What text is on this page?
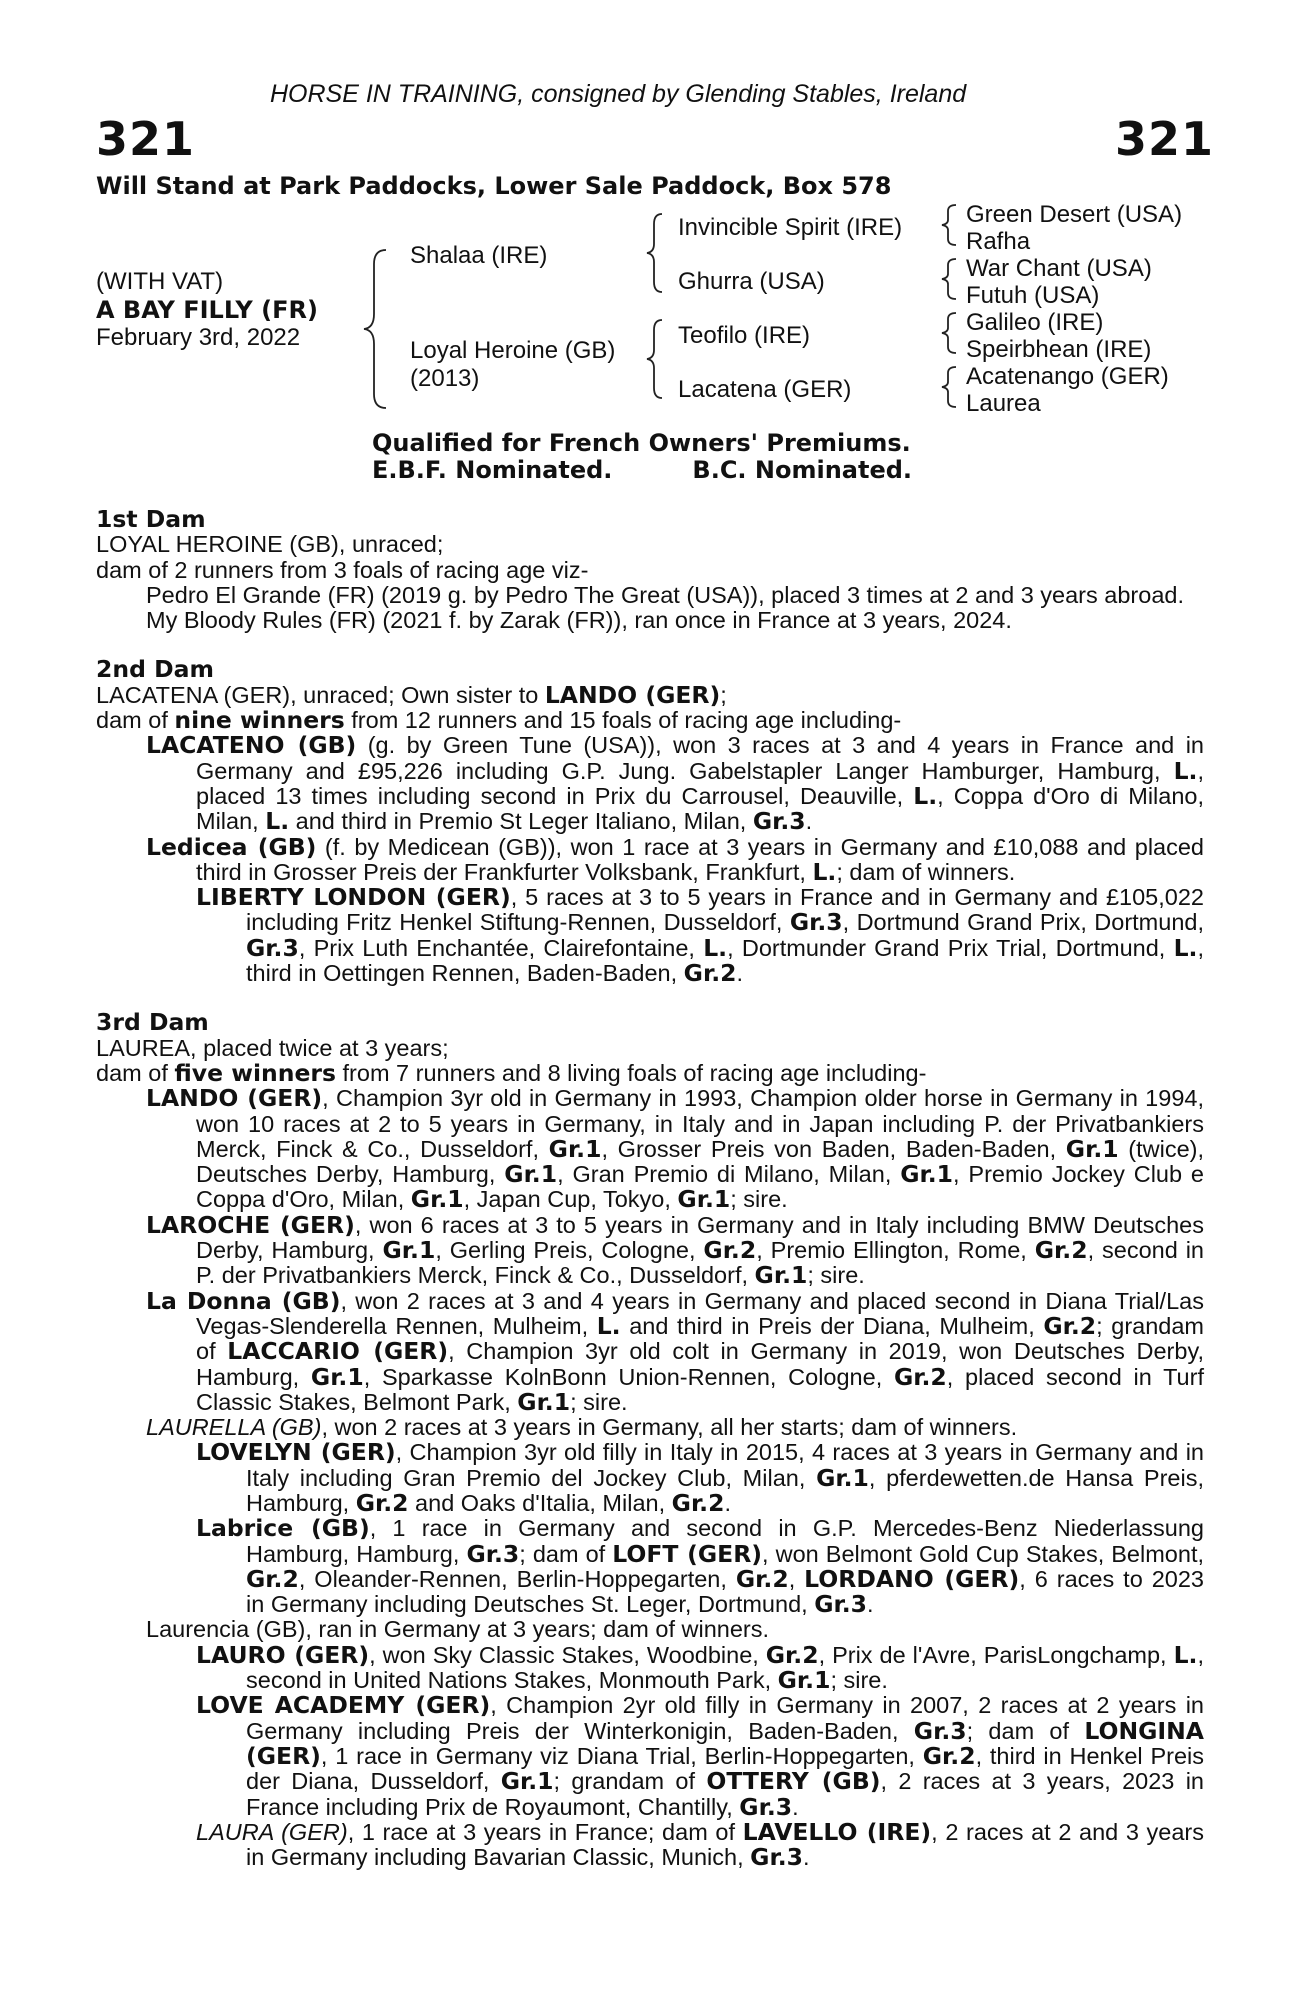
HORSE IN TRAINING, consigned by Glending Stables, Ireland
321	321
Will Stand at Park Paddocks, Lower Sale Paddock, Box 578
(WITH VAT)
A BAY FILLY (FR)
February 3rd, 2022
Shalaa (IRE)
Loyal Heroine (GB)
(2013)
Invincible Spirit (IRE)
Ghurra (USA)
Teofilo (IRE)
Lacatena (GER)
Green Desert (USA)
Rafha
War Chant (USA)
Futuh (USA)
Galileo (IRE)
Speirbhean (IRE)
Acatenango (GER)
Laurea
Qualified for French Owners' Premiums.
E.B.F. Nominated.	B.C. Nominated.

1st Dam

LOYAL HEROINE (GB), unraced;

dam of 2 runners from 3 foals of racing age viz-

Pedro El Grande (FR) (2019 g. by Pedro The Great (USA)), placed 3 times at 2 and 3 years abroad.

My Bloody Rules (FR) (2021 f. by Zarak (FR)), ran once in France at 3 years, 2024.

2nd Dam

LACATENA (GER), unraced; Own sister to LANDO (GER);

dam of nine winners from 12 runners and 15 foals of racing age including-

LACATENO (GB) (g. by Green Tune (USA)), won 3 races at 3 and 4 years in France and in Germany and £95,226 including G.P. Jung. Gabelstapler Langer Hamburger, Hamburg, L., placed 13 times including second in Prix du Carrousel, Deauville, L., Coppa d'Oro di Milano, Milan, L. and third in Premio St Leger Italiano, Milan, Gr.3.

Ledicea (GB) (f. by Medicean (GB)), won 1 race at 3 years in Germany and £10,088 and placed third in Grosser Preis der Frankfurter Volksbank, Frankfurt, L.; dam of winners.

LIBERTY LONDON (GER), 5 races at 3 to 5 years in France and in Germany and £105,022 including Fritz Henkel Stiftung-Rennen, Dusseldorf, Gr.3, Dortmund Grand Prix, Dortmund, Gr.3, Prix Luth Enchantée, Clairefontaine, L., Dortmunder Grand Prix Trial, Dortmund, L., third in Oettingen Rennen, Baden-Baden, Gr.2.

3rd Dam

LAUREA, placed twice at 3 years;

dam of five winners from 7 runners and 8 living foals of racing age including-

LANDO (GER), Champion 3yr old in Germany in 1993, Champion older horse in Germany in 1994, won 10 races at 2 to 5 years in Germany, in Italy and in Japan including P. der Privatbankiers Merck, Finck & Co., Dusseldorf, Gr.1, Grosser Preis von Baden, Baden-Baden, Gr.1 (twice), Deutsches Derby, Hamburg, Gr.1, Gran Premio di Milano, Milan, Gr.1, Premio Jockey Club e Coppa d'Oro, Milan, Gr.1, Japan Cup, Tokyo, Gr.1; sire.

LAROCHE (GER), won 6 races at 3 to 5 years in Germany and in Italy including BMW Deutsches Derby, Hamburg, Gr.1, Gerling Preis, Cologne, Gr.2, Premio Ellington, Rome, Gr.2, second in P. der Privatbankiers Merck, Finck & Co., Dusseldorf, Gr.1; sire.

La Donna (GB), won 2 races at 3 and 4 years in Germany and placed second in Diana Trial/Las Vegas-Slenderella Rennen, Mulheim, L. and third in Preis der Diana, Mulheim, Gr.2; grandam of LACCARIO (GER), Champion 3yr old colt in Germany in 2019, won Deutsches Derby, Hamburg, Gr.1, Sparkasse KolnBonn Union-Rennen, Cologne, Gr.2, placed second in Turf Classic Stakes, Belmont Park, Gr.1; sire.

LAURELLA (GB), won 2 races at 3 years in Germany, all her starts; dam of winners.

LOVELYN (GER), Champion 3yr old filly in Italy in 2015, 4 races at 3 years in Germany and in Italy including Gran Premio del Jockey Club, Milan, Gr.1, pferdewetten.de Hansa Preis, Hamburg, Gr.2 and Oaks d'Italia, Milan, Gr.2.

Labrice (GB), 1 race in Germany and second in G.P. Mercedes-Benz Niederlassung Hamburg, Hamburg, Gr.3; dam of LOFT (GER), won Belmont Gold Cup Stakes, Belmont, Gr.2, Oleander-Rennen, Berlin-Hoppegarten, Gr.2, LORDANO (GER), 6 races to 2023 in Germany including Deutsches St. Leger, Dortmund, Gr.3.

Laurencia (GB), ran in Germany at 3 years; dam of winners.

LAURO (GER), won Sky Classic Stakes, Woodbine, Gr.2, Prix de l'Avre, ParisLongchamp, L., second in United Nations Stakes, Monmouth Park, Gr.1; sire.

LOVE ACADEMY (GER), Champion 2yr old filly in Germany in 2007, 2 races at 2 years in Germany including Preis der Winterkonigin, Baden-Baden, Gr.3; dam of LONGINA (GER), 1 race in Germany viz Diana Trial, Berlin-Hoppegarten, Gr.2, third in Henkel Preis der Diana, Dusseldorf, Gr.1; grandam of OTTERY (GB), 2 races at 3 years, 2023 in France including Prix de Royaumont, Chantilly, Gr.3.

LAURA (GER), 1 race at 3 years in France; dam of LAVELLO (IRE), 2 races at 2 and 3 years in Germany including Bavarian Classic, Munich, Gr.3.
